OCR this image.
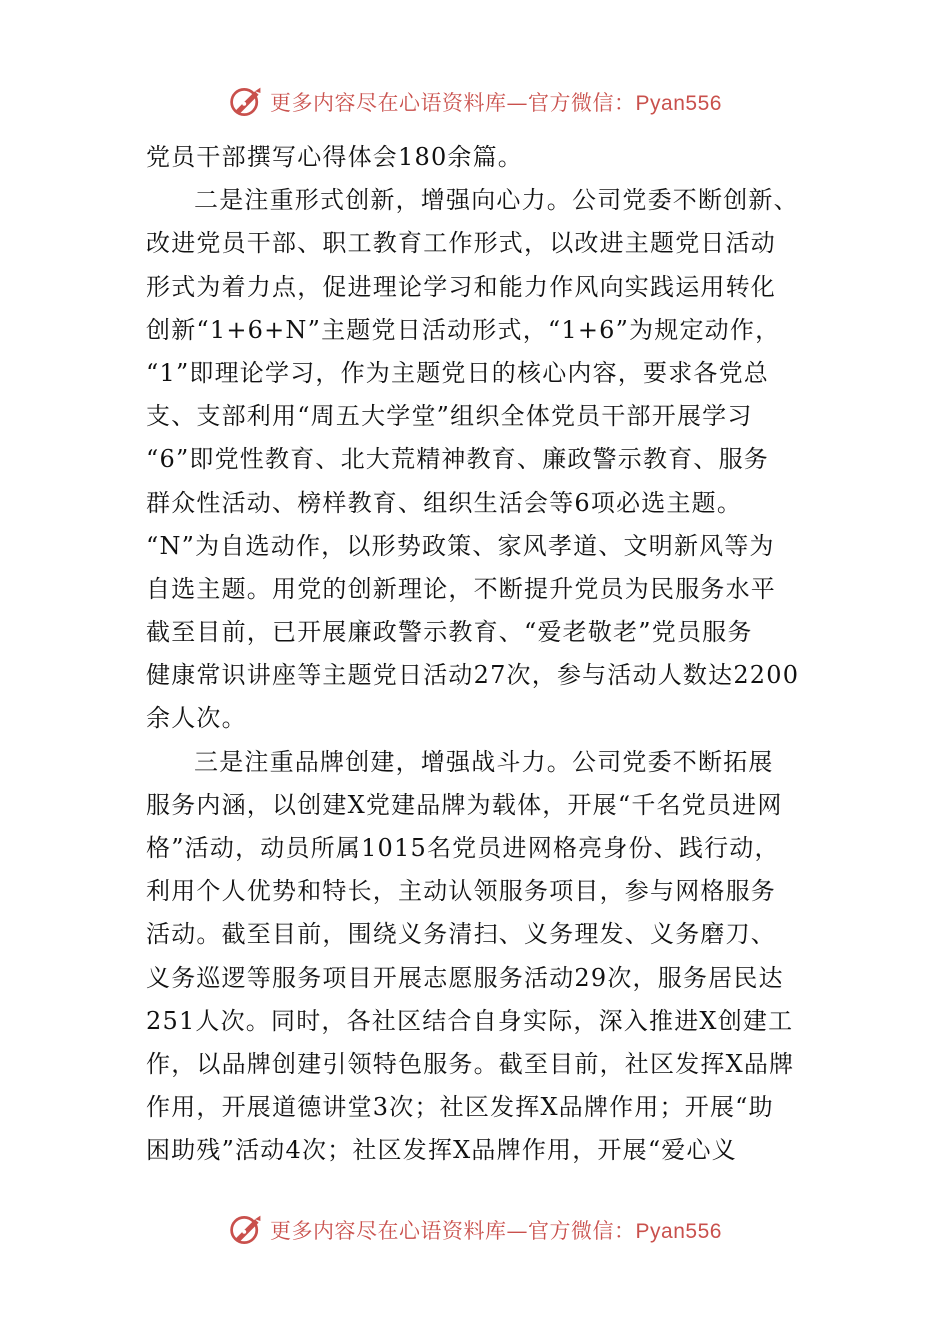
更多内容尽在心语资料库—官方微信：Pyan556
党员干部撰写心得体会180余篇。
二是注重形式创新，增强向心力。公司党委不断创新、
改进党员干部、职工教育工作形式，以改进主题党日活动
形式为着力点，促进理论学习和能力作风向实践运用转化
创新“1+6+N”主题党日活动形式，“1+6”为规定动作，
“1”即理论学习，作为主题党日的核心内容，要求各党总
支、支部利用“周五大学堂”组织全体党员干部开展学习
“6”即党性教育、北大荒精神教育、廉政警示教育、服务
群众性活动、榜样教育、组织生活会等6项必选主题。
“N”为自选动作，以形势政策、家风孝道、文明新风等为
自选主题。用党的创新理论，不断提升党员为民服务水平
截至目前，已开展廉政警示教育、“爱老敬老”党员服务
健康常识讲座等主题党日活动27次，参与活动人数达2200
余人次。
三是注重品牌创建，增强战斗力。公司党委不断拓展
服务内涵，以创建X党建品牌为载体，开展“千名党员进网
格”活动，动员所属1015名党员进网格亮身份、践行动，
利用个人优势和特长，主动认领服务项目，参与网格服务
活动。截至目前，围绕义务清扫、义务理发、义务磨刀、
义务巡逻等服务项目开展志愿服务活动29次，服务居民达
251人次。同时，各社区结合自身实际，深入推进X创建工
作，以品牌创建引领特色服务。截至目前，社区发挥X品牌
作用，开展道德讲堂3次；社区发挥X品牌作用；开展“助
困助残”活动4次；社区发挥X品牌作用，开展“爱心义
更多内容尽在心语资料库—官方微信：Pyan556
